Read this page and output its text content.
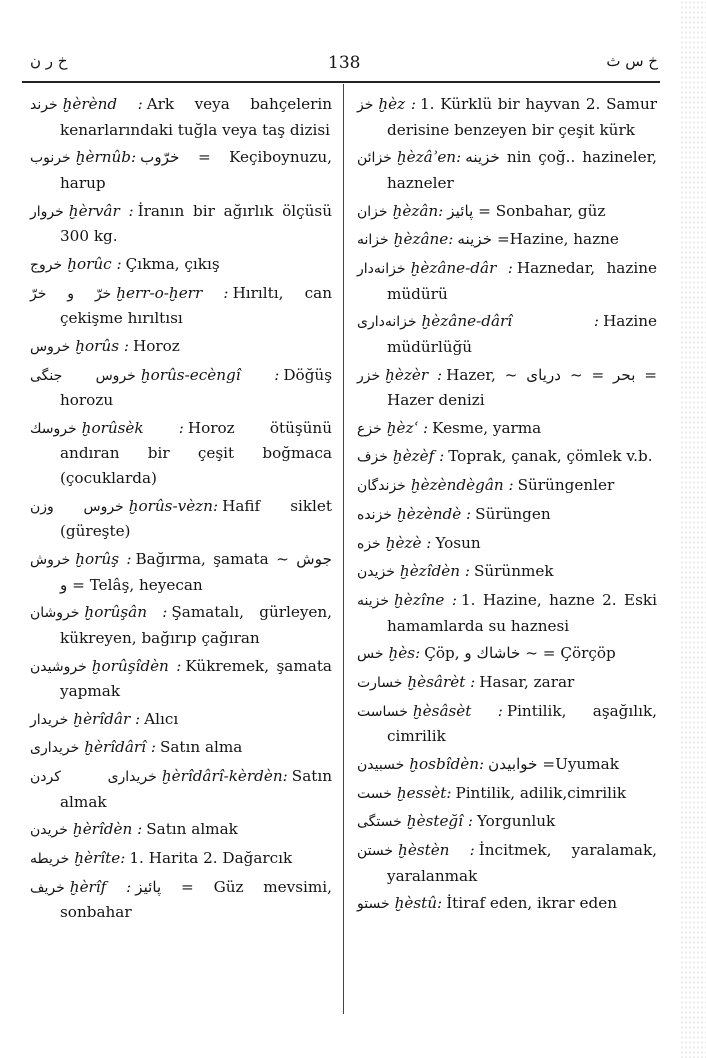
خ ر ن	138	خ س ث
خرند ḫèrènd : Ark veya bahçelerin kenarlarındaki tuğla veya taş dizisi
خرنوب ḫèrnûb: خرّوب = Keçiboynuzu, harup
خروار ḫèrvâr : İranın bir ağırlık ölçüsü 300 kg.
خروج ḫorûc : Çıkma, çıkış
خرّ و خرّ ḫerr-o-ḫerr : Hırıltı, can çekişme hırıltısı
خروس ḫorûs : Horoz
خروس جنگى ḫorûs-ecèngî : Döğüş horozu
خروسك ḫorûsèk : Horoz ötüşünü andıran bir çeşit boğmaca (çocuklarda)
خروس وزن ḫorûs-vèzn: Hafif siklet (güreşte)
خروش ḫorûş : Bağırma, şamata ~ جوش و = Telâş, heyecan
خروشان ḫorûşân : Şamatalı, gürleyen, kükreyen, bağırıp çağıran
خروشيدن ḫorûşîdèn : Kükremek, şamata yapmak
خريدار ḫèrîdâr : Alıcı
خريدارى ḫèrîdârî : Satın alma
خريدارى كردن ḫèrîdârî-kèrdèn: Satın almak
خريدن ḫèrîdèn : Satın almak
خريطه ḫèrîte: 1. Harita 2. Dağarcık
خريف ḫèrîf : پائيز = Güz mevsimi, sonbahar
خز ḫèz : 1. Kürklü bir hayvan 2. Samur derisine benzeyen bir çeşit kürk
خزائن ḫèzâʾen: خزينه nin çoğ.. hazineler, hazneler
خزان ḫèzân: پائيز = Sonbahar, güz
خزانه ḫèzâne: خزينه =Hazine, hazne
خزانه‌دار ḫèzâne-dâr : Haznedar, hazine müdürü
خزانه‌دارى ḫèzâne-dârî : Hazine müdürlüğü
خزر ḫèzèr : Hazer, ~ بحر = ~ دریای = Hazer denizi
خزع ḫèzʿ : Kesme, yarma
خزف ḫèzèf : Toprak, çanak, çömlek v.b.
خزندگان ḫèzèndègân : Sürüngenler
خزنده ḫèzèndè : Sürüngen
خزه ḫèzè : Yosun
خزيدن ḫèzîdèn : Sürünmek
خزينه ḫèzîne : 1. Hazine, hazne 2. Eski hamamlarda su haznesi
خس ḫès: Çöp, خاشاك و ~ = Çörçöp
خسارت ḫèsârèt : Hasar, zarar
خساست ḫèsâsèt : Pintilik, aşağılık, cimrilik
خسبيدن ḫosbîdèn: خوابيدن =Uyumak
خست ḫessèt: Pintilik, adilik,cimrilik
خستگى ḫèsteğî : Yorgunluk
خستن ḫèstèn : İncitmek, yaralamak, yaralanmak
خستو ḫèstû: İtiraf eden, ikrar eden
